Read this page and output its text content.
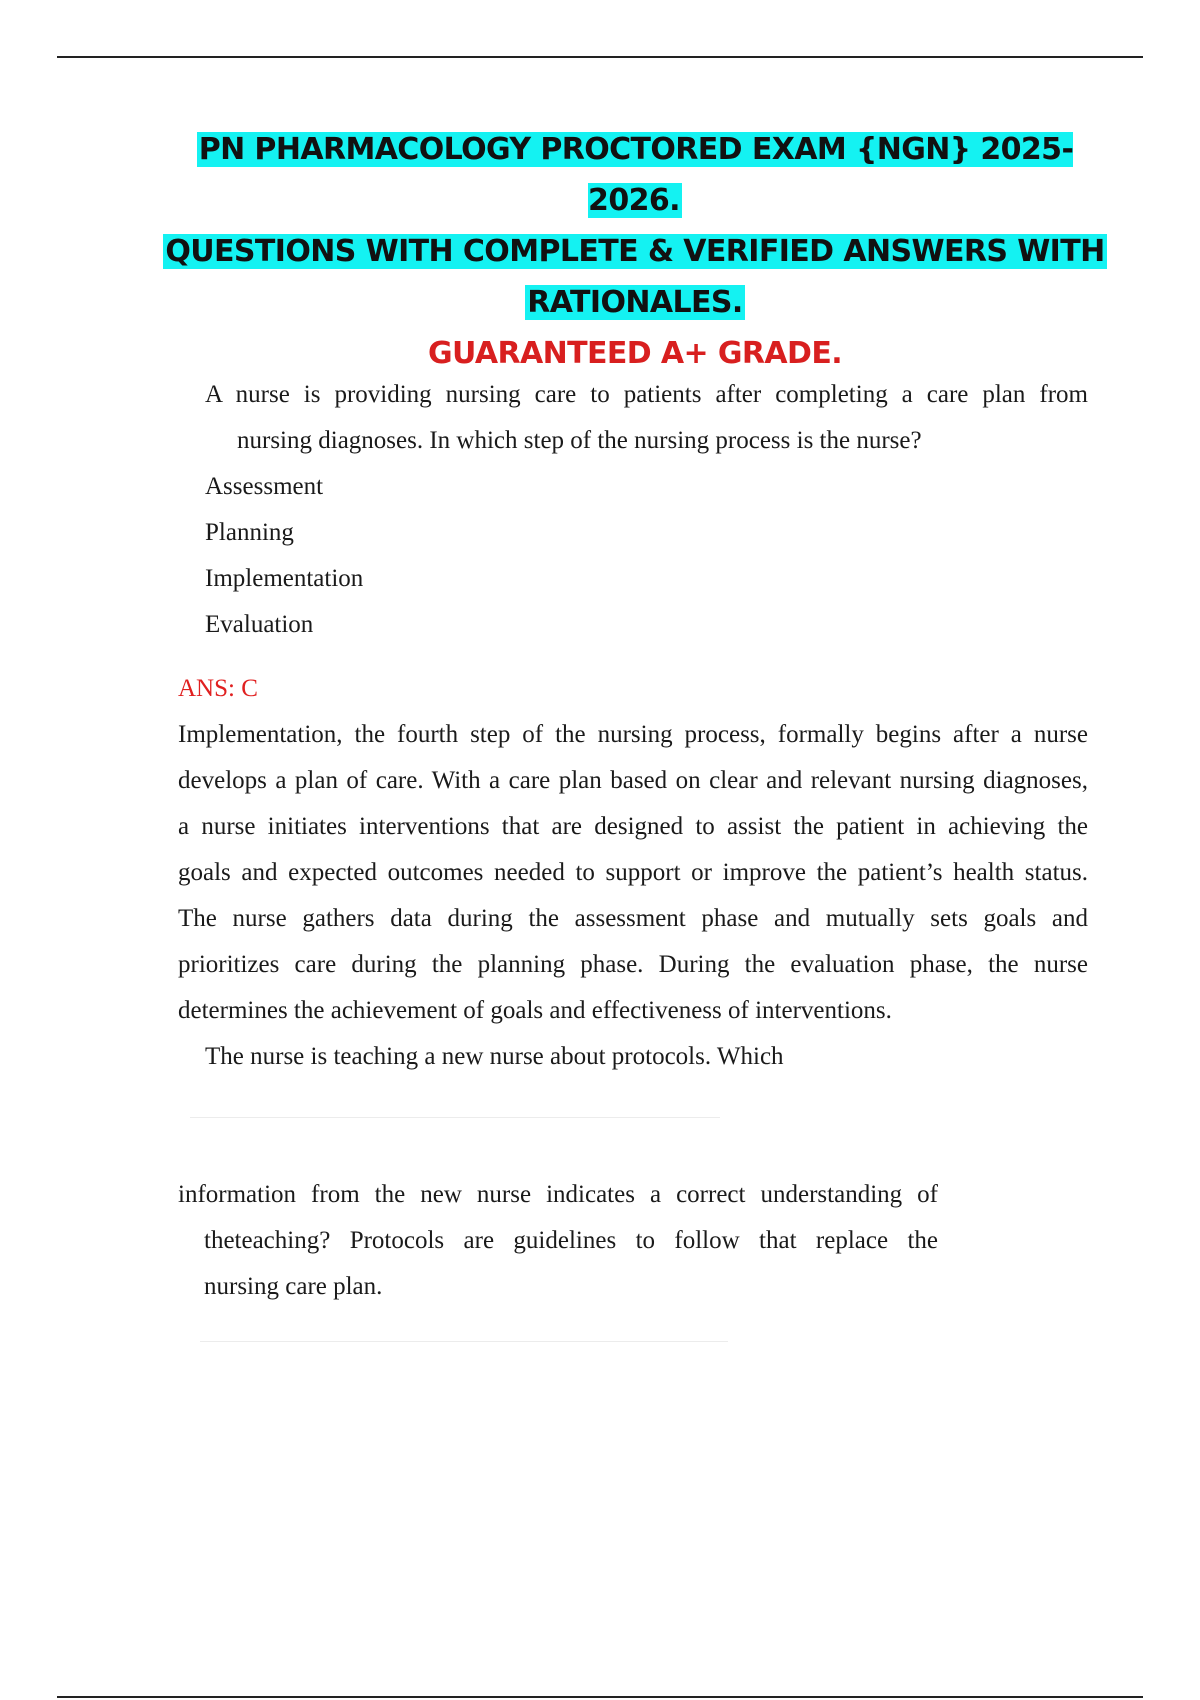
PN PHARMACOLOGY PROCTORED EXAM {NGN} 2025-2026.
QUESTIONS WITH COMPLETE & VERIFIED ANSWERS WITH
RATIONALES.
GUARANTEED A+ GRADE.
A nurse is providing nursing care to patients after completing a care plan from
nursing diagnoses. In which step of the nursing process is the nurse?
Assessment
Planning
Implementation
Evaluation
ANS: C
Implementation, the fourth step of the nursing process, formally begins after a nurse
develops a plan of care. With a care plan based on clear and relevant nursing diagnoses,
a nurse initiates interventions that are designed to assist the patient in achieving the
goals and expected outcomes needed to support or improve the patient’s health status.
The nurse gathers data during the assessment phase and mutually sets goals and
prioritizes care during the planning phase. During the evaluation phase, the nurse
determines the achievement of goals and effectiveness of interventions.
The nurse is teaching a new nurse about protocols. Which
information from the new nurse indicates a correct understanding of
theteaching? Protocols are guidelines to follow that replace the
nursing care plan.
